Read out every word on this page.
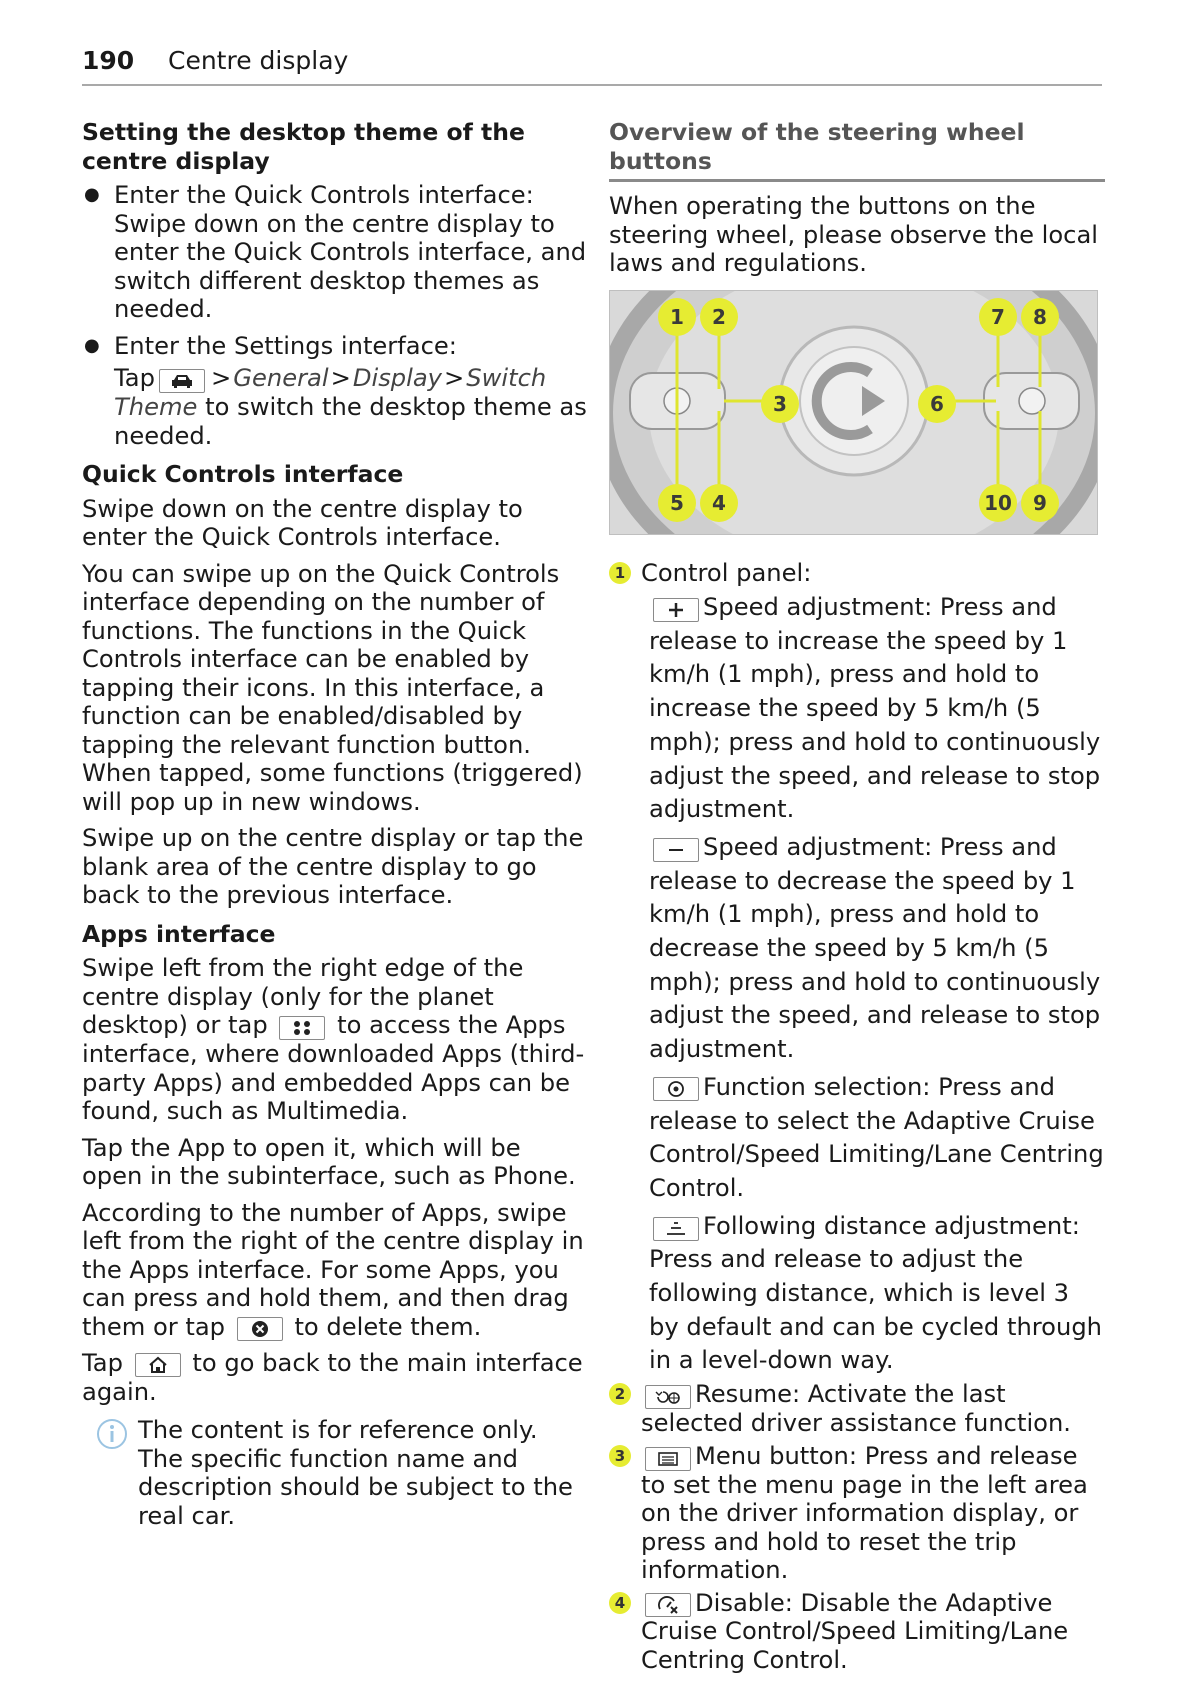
190 Centre display
Setting the desktop theme of the centre display
● Enter the Quick Controls interface: Swipe down on the centre display to enter the Quick Controls interface, and switch different desktop themes as needed.
● Enter the Settings interface:
Tap >General>Display>Switch Theme to switch the desktop theme as needed.
Quick Controls interface

Swipe down on the centre display to enter the Quick Controls interface.

You can swipe up on the Quick Controls interface depending on the number of functions. The functions in the Quick Controls interface can be enabled by tapping their icons. In this interface, a function can be enabled/disabled by tapping the relevant function button. When tapped, some functions (triggered) will pop up in new windows.

Swipe up on the centre display or tap the blank area of the centre display to go back to the previous interface.

Apps interface

Swipe left from the right edge of the centre display (only for the planet desktop) or tap	to access the Apps interface, where downloaded Apps (third-party Apps) and embedded Apps can be found, such as Multimedia.

Tap the App to open it, which will be open in the subinterface, such as Phone.

According to the number of Apps, swipe left from the right of the centre display in the Apps interface. For some Apps, you can press and hold them, and then drag them or tap	to delete them.

Tap	to go back to the main interface again.

The content is for reference only. The specific function name and description should be subject to the real car.
Overview of the steering wheel buttons

When operating the buttons on the steering wheel, please observe the local laws and regulations.

1 2
3
4
5
6
7 8
9
10
1 Control panel:
Speed adjustment: Press and release to increase the speed by 1 km/h (1 mph), press and hold to increase the speed by 5 km/h (5 mph); press and hold to continuously adjust the speed, and release to stop adjustment.
Speed adjustment: Press and release to decrease the speed by 1 km/h (1 mph), press and hold to decrease the speed by 5 km/h (5 mph); press and hold to continuously adjust the speed, and release to stop adjustment.
Function selection: Press and release to select the Adaptive Cruise Control/Speed Limiting/Lane Centring Control.
Following distance adjustment: Press and release to adjust the following distance, which is level 3 by default and can be cycled through in a level-down way.
2	Resume: Activate the last selected driver assistance function.
3	Menu button: Press and release to set the menu page in the left area on the driver information display, or press and hold to reset the trip information.
4	Disable: Disable the Adaptive Cruise Control/Speed Limiting/Lane Centring Control.
